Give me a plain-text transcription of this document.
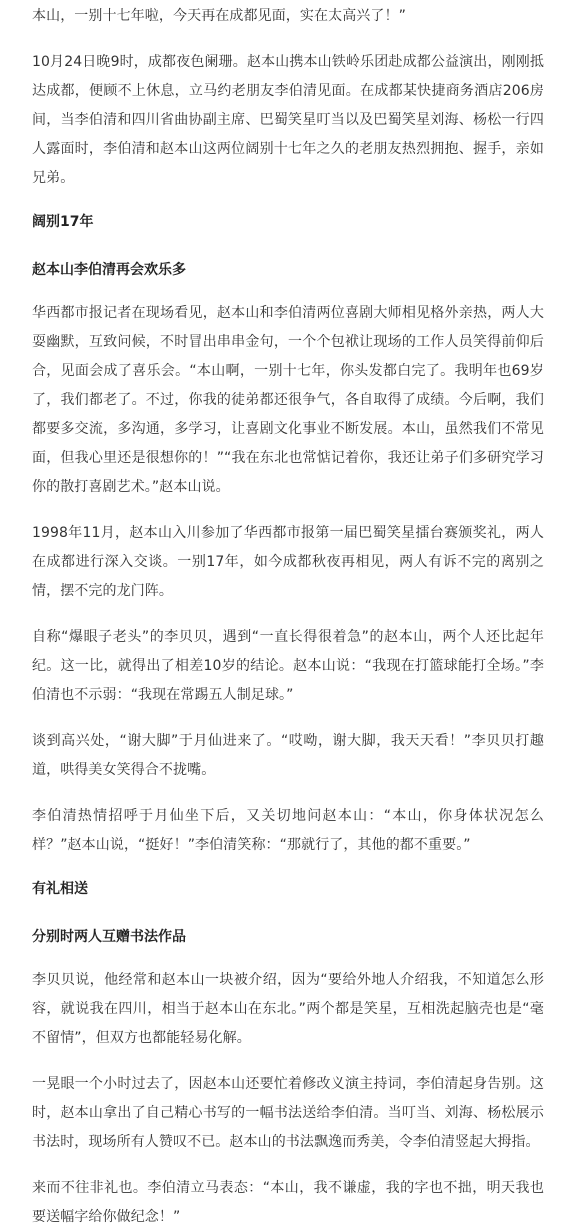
本山，一别十七年啦，今天再在成都见面，实在太高兴了！”

10月24日晚9时，成都夜色阑珊。赵本山携本山铁岭乐团赴成都公益演出，刚刚抵达成都，便顾不上休息，立马约老朋友李伯清见面。在成都某快捷商务酒店206房间，当李伯清和四川省曲协副主席、巴蜀笑星叮当以及巴蜀笑星刘海、杨松一行四人露面时，李伯清和赵本山这两位阔别十七年之久的老朋友热烈拥抱、握手，亲如兄弟。

阔别17年
赵本山李伯清再会欢乐多

华西都市报记者在现场看见，赵本山和李伯清两位喜剧大师相见格外亲热，两人大耍幽默，互致问候，不时冒出串串金句，一个个包袱让现场的工作人员笑得前仰后合，见面会成了喜乐会。“本山啊，一别十七年，你头发都白完了。我明年也69岁了，我们都老了。不过，你我的徒弟都还很争气，各自取得了成绩。今后啊，我们都要多交流，多沟通，多学习，让喜剧文化事业不断发展。本山，虽然我们不常见面，但我心里还是很想你的！”“我在东北也常惦记着你，我还让弟子们多研究学习你的散打喜剧艺术。”赵本山说。

1998年11月，赵本山入川参加了华西都市报第一届巴蜀笑星擂台赛颁奖礼，两人在成都进行深入交谈。一别17年，如今成都秋夜再相见，两人有诉不完的离别之情，摆不完的龙门阵。

自称“爆眼子老头”的李贝贝，遇到“一直长得很着急”的赵本山，两个人还比起年纪。这一比，就得出了相差10岁的结论。赵本山说：“我现在打篮球能打全场。”李伯清也不示弱：“我现在常踢五人制足球。”

谈到高兴处，“谢大脚”于月仙进来了。“哎呦，谢大脚，我天天看！”李贝贝打趣道，哄得美女笑得合不拢嘴。

李伯清热情招呼于月仙坐下后，又关切地问赵本山：“本山，你身体状况怎么样？”赵本山说，“挺好！”李伯清笑称：“那就行了，其他的都不重要。”

有礼相送
分别时两人互赠书法作品

李贝贝说，他经常和赵本山一块被介绍，因为“要给外地人介绍我，不知道怎么形容，就说我在四川，相当于赵本山在东北。”两个都是笑星，互相洗起脑壳也是“毫不留情”，但双方也都能轻易化解。

一晃眼一个小时过去了，因赵本山还要忙着修改义演主持词，李伯清起身告别。这时，赵本山拿出了自己精心书写的一幅书法送给李伯清。当叮当、刘海、杨松展示书法时，现场所有人赞叹不已。赵本山的书法飘逸而秀美，令李伯清竖起大拇指。

来而不往非礼也。李伯清立马表态：“本山，我不谦虚，我的字也不拙，明天我也要送幅字给你做纪念！”
